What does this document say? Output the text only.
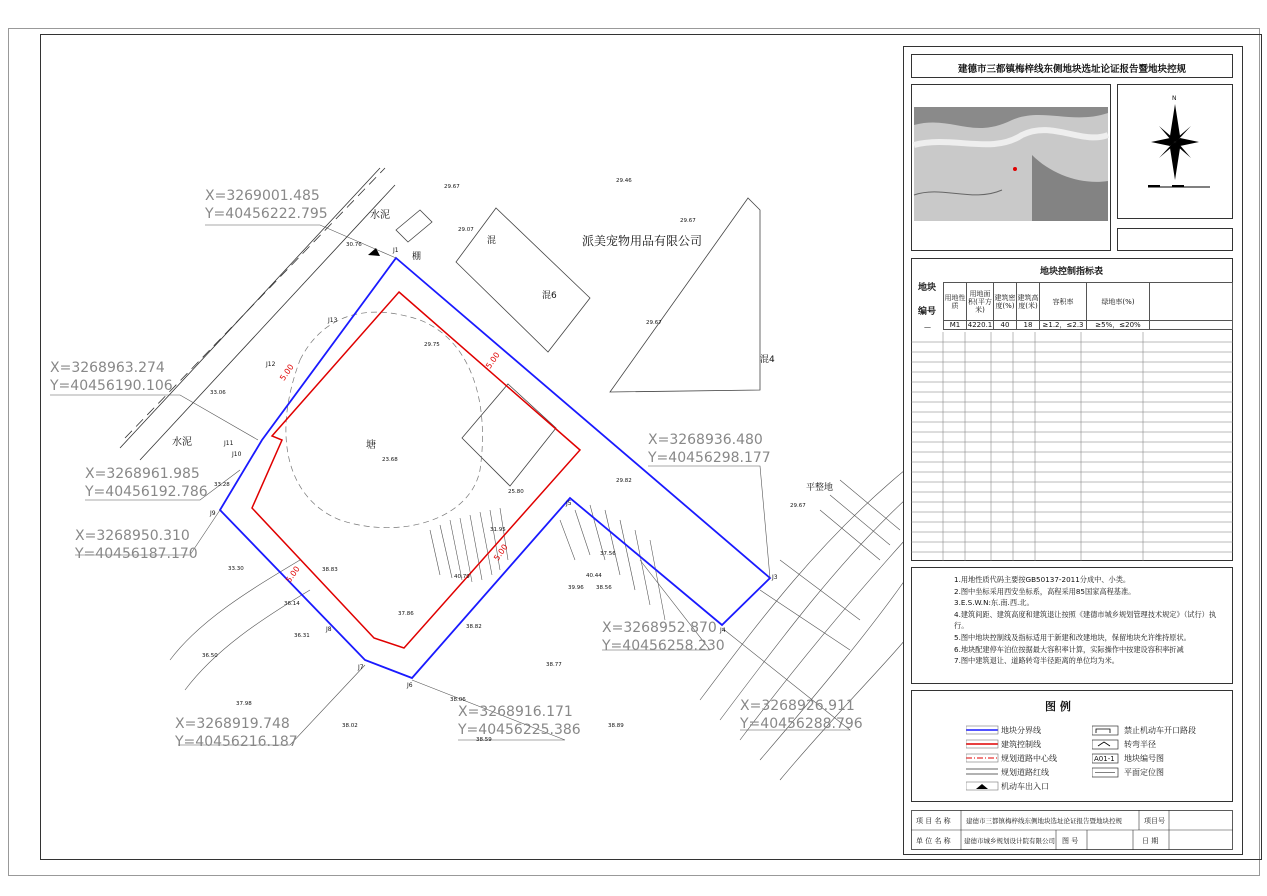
X=3269001.485
Y=40456222.795
X=3268963.274
Y=40456190.106
X=3268961.985
Y=40456192.786
X=3268950.310
Y=40456187.170
X=3268919.748
Y=40456216.187
X=3268916.171
Y=40456225.386
X=3268952.870
Y=40456258.230
X=3268936.480
Y=40456298.177
X=3268926.911
Y=40456288.796
派美宠物用品有限公司
塘
水泥
水泥
棚
混
混6
混4
平整地
5.00
5.00
5.00
5.00
J1
J13
J12
J11
J10
J9
J8
J7
J6
J5
J4
J3
29.67
29.46
29.67
29.07
30.76
29.67
29.75
33.06
23.68
25.80
29.82
29.67
33.28
33.30
36.14
36.31
36.50
38.83
37.86
38.82
38.77
38.06
38.02
37.98
38.89
38.59
31.95
37.56
38.56
40.44
39.96
40.79
建德市三都镇梅梓线东侧地块选址论证报告暨地块控规
N
地块控制指标表
地块编号
用地性质	用地面积(平方米)	建筑密度(%)	建筑高度(米)	容积率	绿地率(%)	
M1	4220.1	40	18	≥1.2，≤2.3	≥5%，≤20%	
—
1.用地性质代码主要按GB50137-2011分成中、小类。
2.图中坐标采用西安坐标系，高程采用85国家高程基准。
3.E.S.W.N:东.南.西.北。
4.建筑间距、建筑高度和建筑退让按照《建德市城乡规划管理技术规定》（试行）执行。
5.图中地块控制线及指标适用于新建和改建地块，保留地块允许维持原状。
6.地块配建停车泊位按据最大容积率计算，实际操作中按建设容积率折减
7.图中建筑退让、道路转弯半径距离的单位均为米。
图 例
地块分界线
建筑控制线
规划道路中心线
规划道路红线
机动车出入口
A01-1
禁止机动车开口路段
转弯半径
地块编号图
平面定位图
项 目 名 称 建德市三都镇梅梓线东侧地块选址论证报告暨地块控规	项目号
单 位 名 称 建德市城乡规划设计院有限公司 图 号	日 期
